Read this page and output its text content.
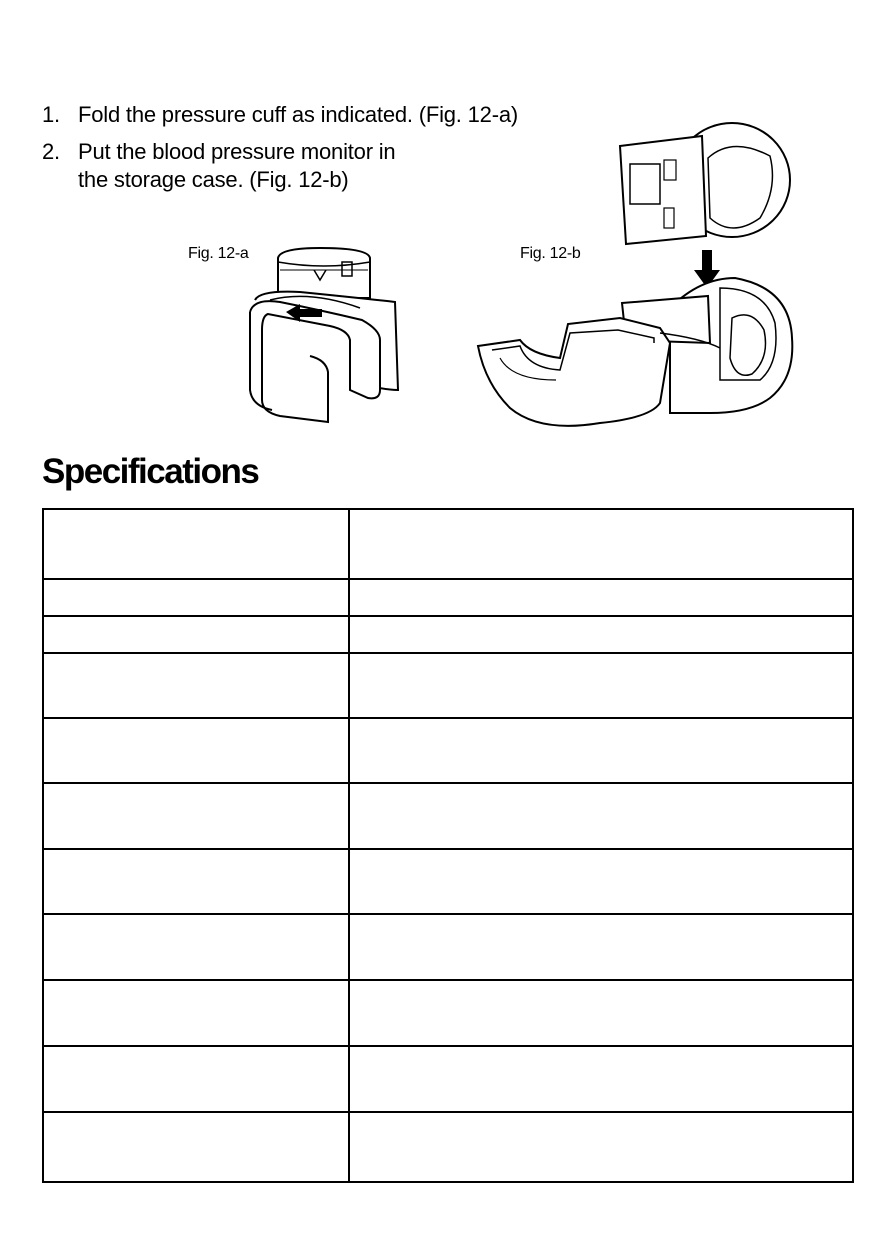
1. Fold the pressure cuff as indicated. (Fig. 12-a)
2. Put the blood pressure monitor in
the storage case. (Fig. 12-b)
Fig. 12-a	Fig. 12-b
Specifications
